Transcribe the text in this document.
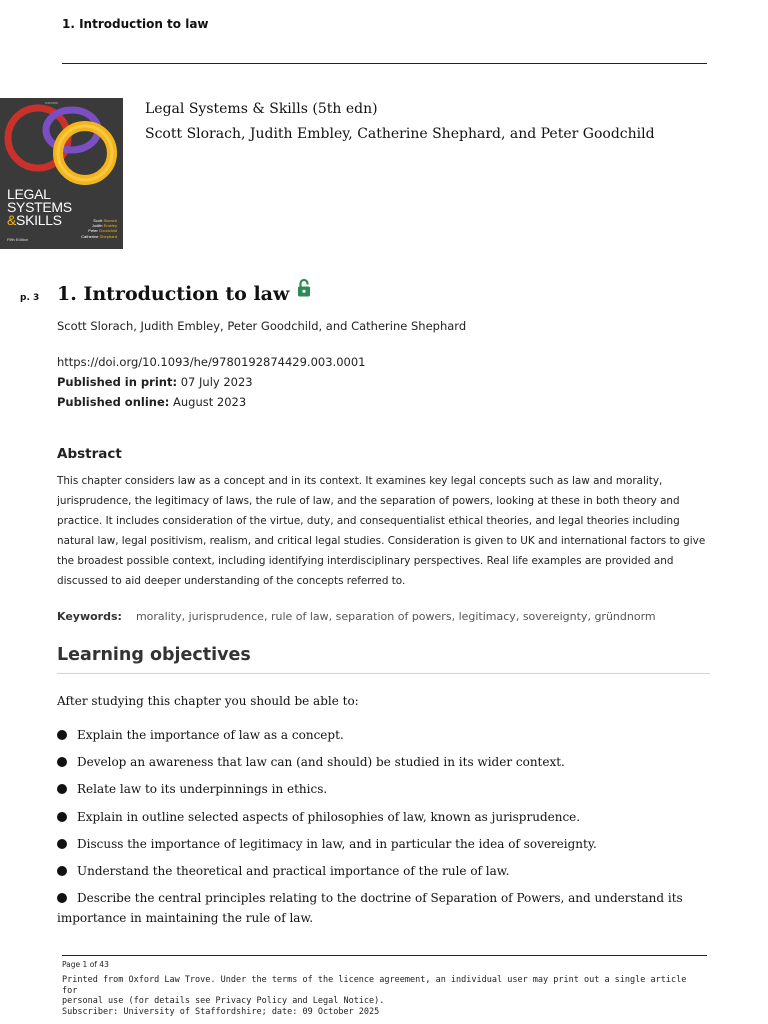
1. Introduction to law
OXFORD
LEGAL
SYSTEMS
&SKILLS	Scott Slorach
Judith Embley
Peter Goodchild
Catherine Shephard
Fifth Edition
Legal Systems & Skills (5th edn)
Scott Slorach, Judith Embley, Catherine Shephard, and Peter Goodchild
p. 3 1. Introduction to law
Scott Slorach, Judith Embley, Peter Goodchild, and Catherine Shephard
https://doi.org/10.1093/he/9780192874429.003.0001
Published in print: 07 July 2023
Published online: August 2023
Abstract
This chapter considers law as a concept and in its context. It examines key legal concepts such as law and morality, jurisprudence, the legitimacy of laws, the rule of law, and the separation of powers, looking at these in both theory and practice. It includes consideration of the virtue, duty, and consequentialist ethical theories, and legal theories including natural law, legal positivism, realism, and critical legal studies. Consideration is given to UK and international factors to give the broadest possible context, including identifying interdisciplinary perspectives. Real life examples are provided and discussed to aid deeper understanding of the concepts referred to.
Keywords: morality, jurisprudence, rule of law, separation of powers, legitimacy, sovereignty, gründnorm
Learning objectives
After studying this chapter you should be able to:
Explain the importance of law as a concept.
Develop an awareness that law can (and should) be studied in its wider context.
Relate law to its underpinnings in ethics.
Explain in outline selected aspects of philosophies of law, known as jurisprudence.
Discuss the importance of legitimacy in law, and in particular the idea of sovereignty.
Understand the theoretical and practical importance of the rule of law.
Describe the central principles relating to the doctrine of Separation of Powers, and understand its importance in maintaining the rule of law.
Page 1 of 43
Printed from Oxford Law Trove. Under the terms of the licence agreement, an individual user may print out a single article for
personal use (for details see Privacy Policy and Legal Notice).
Subscriber: University of Staffordshire; date: 09 October 2025
